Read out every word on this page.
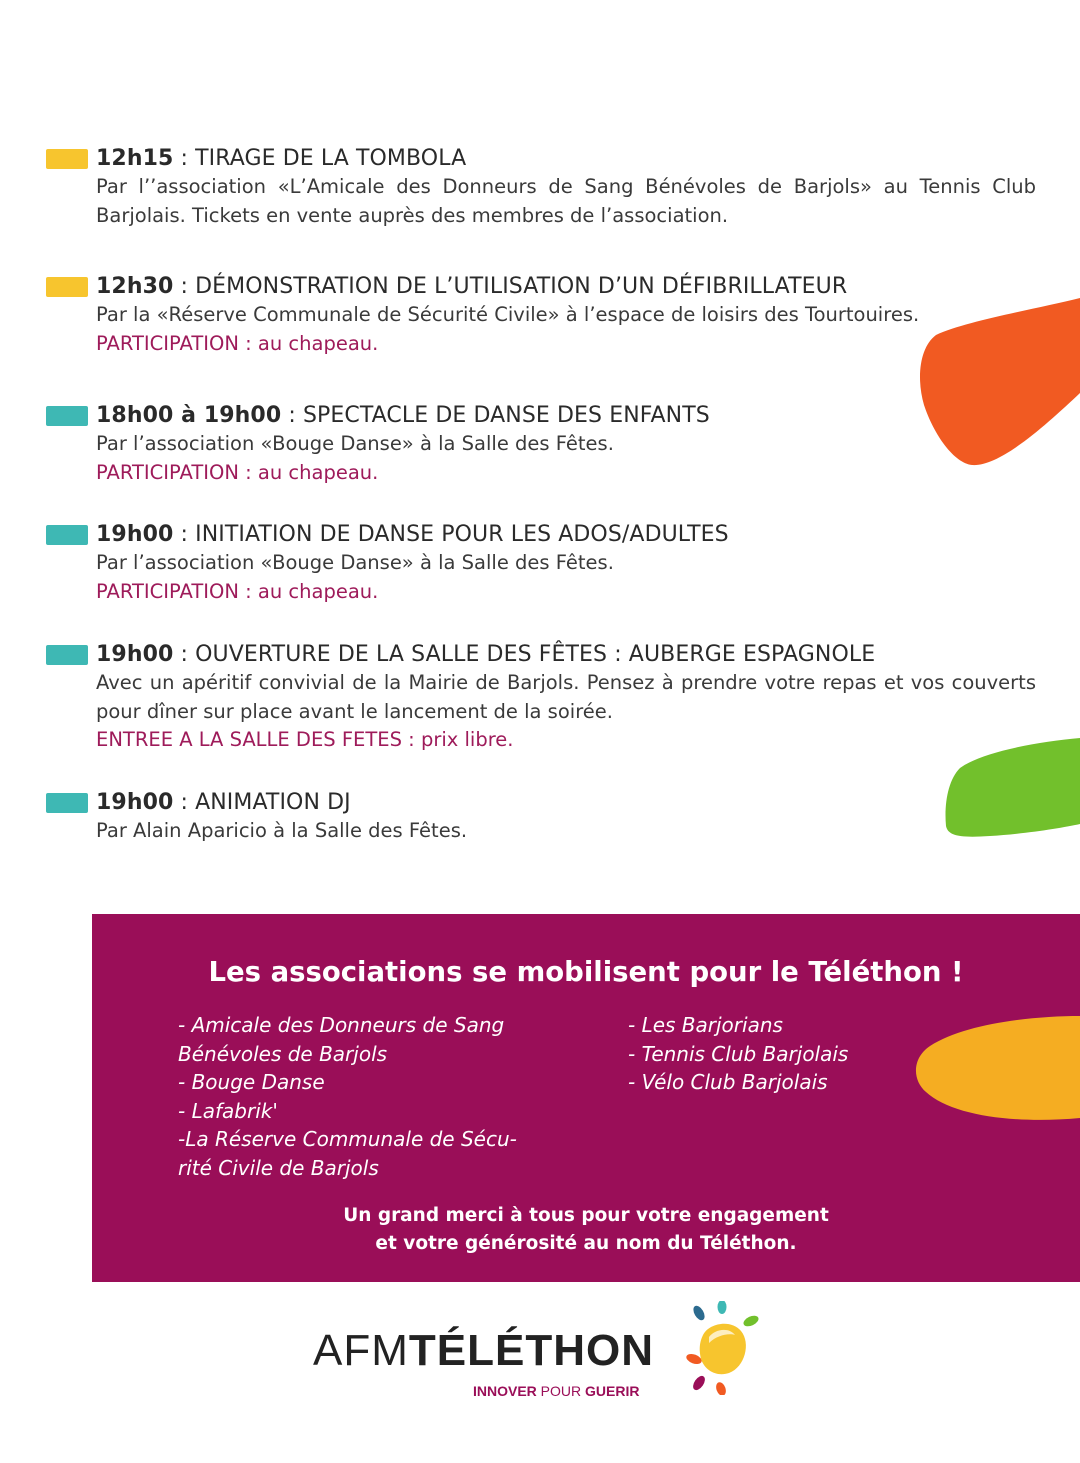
12h15 : TIRAGE DE LA TOMBOLA

Par l’’association «L’Amicale des Donneurs de Sang Bénévoles de Barjols» au Tennis Club Barjolais. Tickets en vente auprès des membres de l’association.

12h30 : DÉMONSTRATION DE L’UTILISATION D’UN DÉFIBRILLATEUR

Par la «Réserve Communale de Sécurité Civile» à l’espace de loisirs des Tourtouires.

PARTICIPATION : au chapeau.

18h00 à 19h00 : SPECTACLE DE DANSE DES ENFANTS

Par l’association «Bouge Danse» à la Salle des Fêtes.

PARTICIPATION : au chapeau.

19h00 : INITIATION DE DANSE POUR LES ADOS/ADULTES

Par l’association «Bouge Danse» à la Salle des Fêtes.

PARTICIPATION : au chapeau.

19h00 : OUVERTURE DE LA SALLE DES FÊTES : AUBERGE ESPAGNOLE

Avec un apéritif convivial de la Mairie de Barjols. Pensez à prendre votre repas et vos couverts pour dîner sur place avant le lancement de la soirée.

ENTREE A LA SALLE DES FETES : prix libre.

19h00 : ANIMATION DJ

Par Alain Aparicio à la Salle des Fêtes.

Les associations se mobilisent pour le Téléthon !
- Amicale des Donneurs de Sang
Bénévoles de Barjols
- Bouge Danse
- Lafabrik'
-La Réserve Communale de Sécu-
rité Civile de Barjols
- Les Barjorians
- Tennis Club Barjolais
- Vélo Club Barjolais
Un grand merci à tous pour votre engagement
et votre générosité au nom du Téléthon.
AFMTÉLÉTHON
INNOVER POUR GUERIR
